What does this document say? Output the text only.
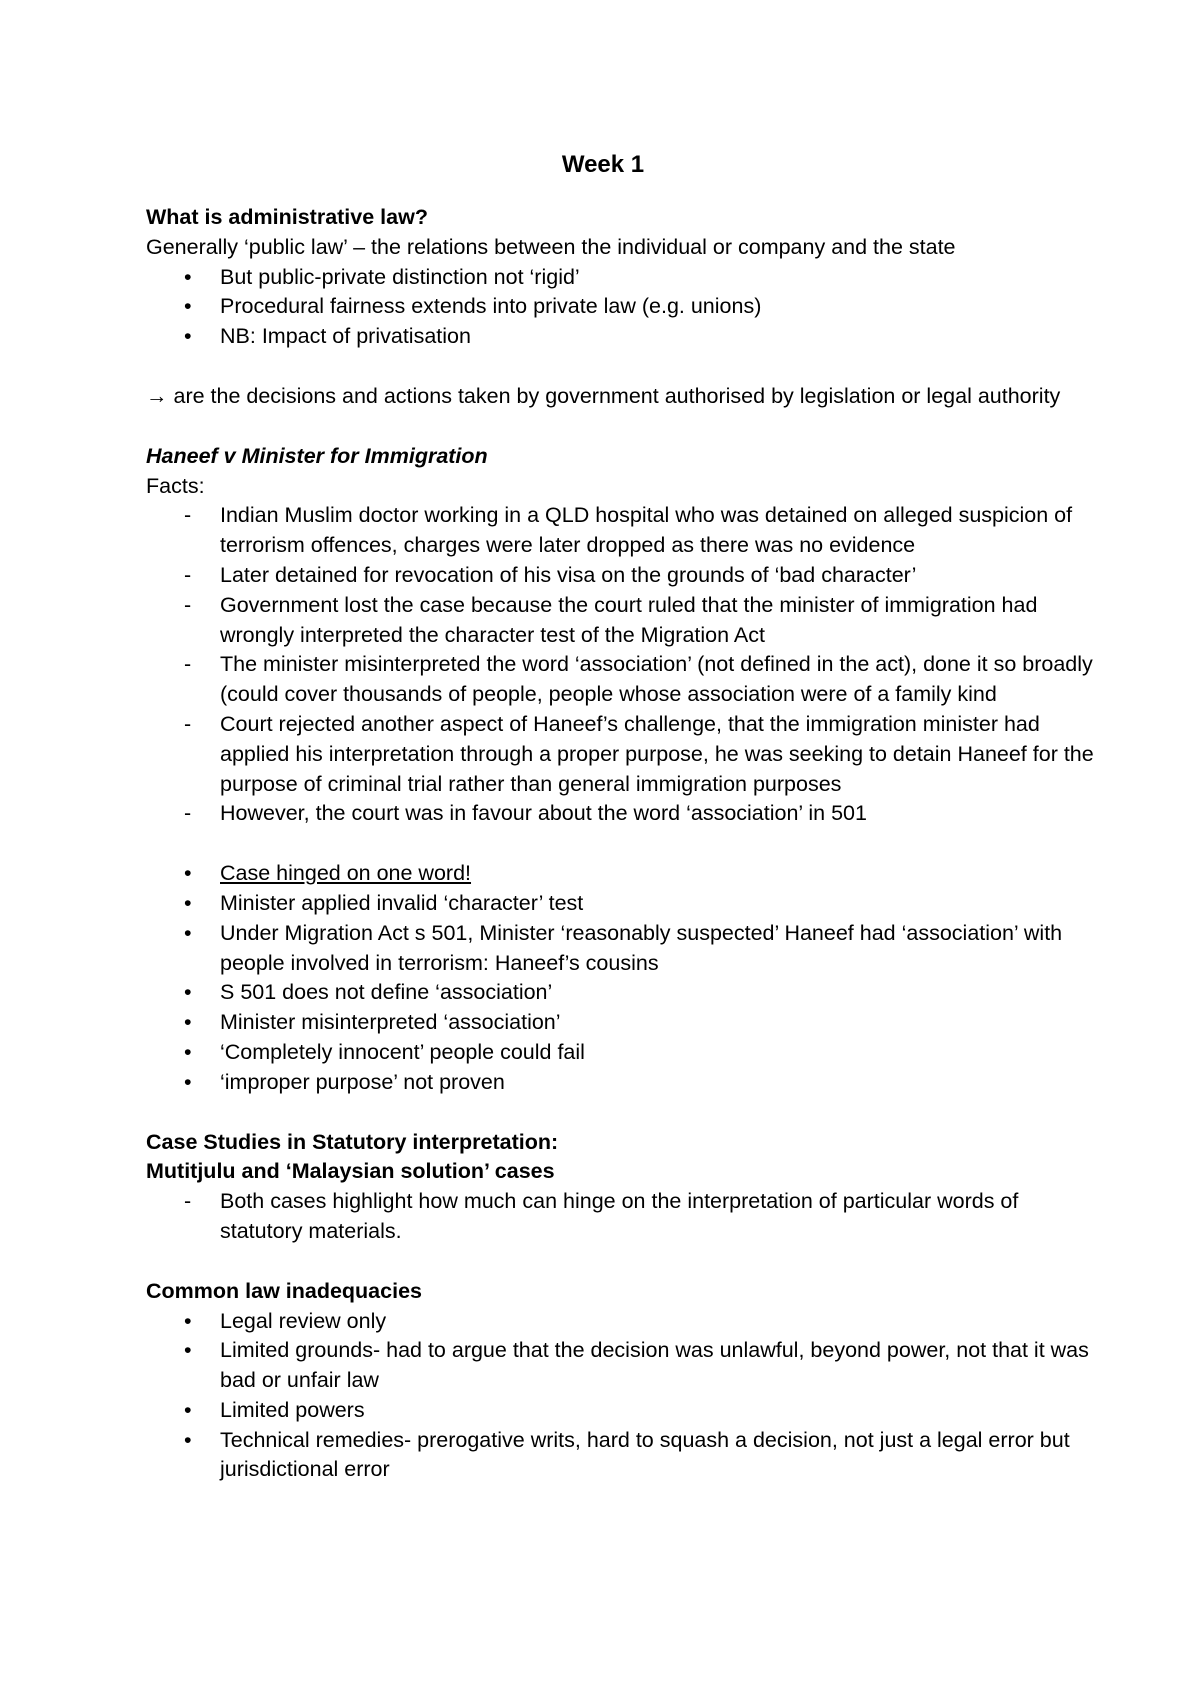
Week 1

What is administrative law?

Generally ‘public law’ – the relations between the individual or company and the state

•	But public-private distinction not ‘rigid’
•	Procedural fairness extends into private law (e.g. unions)
•	NB: Impact of privatisation

→ are the decisions and actions taken by government authorised by legislation or legal authority

Haneef v Minister for Immigration

Facts:

-	Indian Muslim doctor working in a QLD hospital who was detained on alleged suspicion of terrorism offences, charges were later dropped as there was no evidence
-	Later detained for revocation of his visa on the grounds of ‘bad character’
-	Government lost the case because the court ruled that the minister of immigration had wrongly interpreted the character test of the Migration Act
-	The minister misinterpreted the word ‘association’ (not defined in the act), done it so broadly (could cover thousands of people, people whose association were of a family kind
-	Court rejected another aspect of Haneef’s challenge, that the immigration minister had applied his interpretation through a proper purpose, he was seeking to detain Haneef for the purpose of criminal trial rather than general immigration purposes
-	However, the court was in favour about the word ‘association’ in 501
•	Case hinged on one word!
•	Minister applied invalid ‘character’ test
•	Under Migration Act s 501, Minister ‘reasonably suspected’ Haneef had ‘association’ with people involved in terrorism: Haneef’s cousins
•	S 501 does not define ‘association’
•	Minister misinterpreted ‘association’
•	‘Completely innocent’ people could fail
•	‘improper purpose’ not proven

Case Studies in Statutory interpretation:

Mutitjulu and ‘Malaysian solution’ cases

-	Both cases highlight how much can hinge on the interpretation of particular words of statutory materials.

Common law inadequacies

•	Legal review only
•	Limited grounds- had to argue that the decision was unlawful, beyond power, not that it was bad or unfair law
•	Limited powers
•	Technical remedies- prerogative writs, hard to squash a decision, not just a legal error but jurisdictional error
